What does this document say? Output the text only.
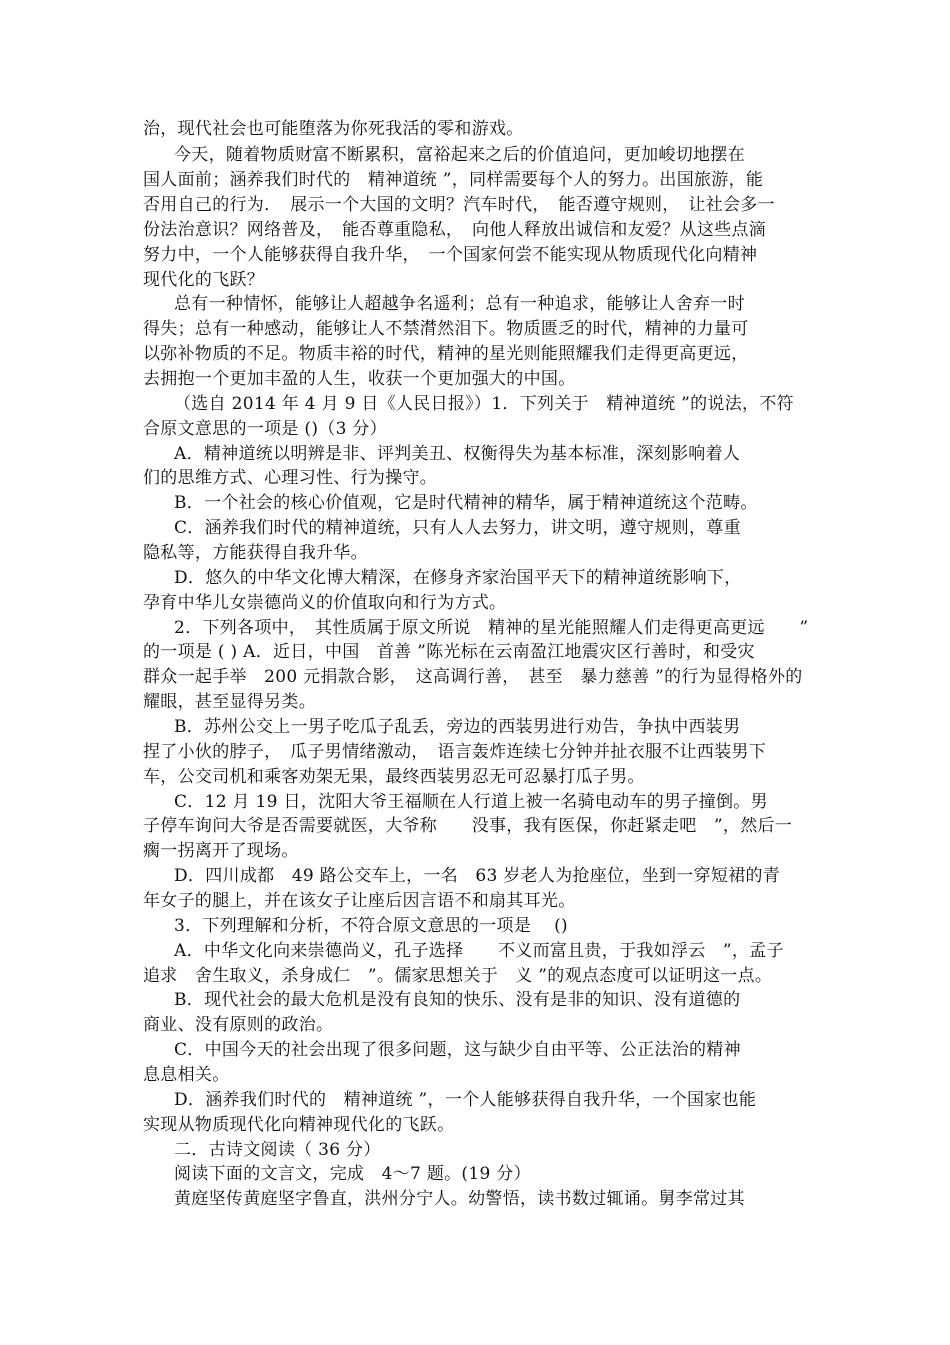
治，现代社会也可能堕落为你死我活的零和游戏。
今天，随着物质财富不断累积，富裕起来之后的价值追问，更加峻切地摆在
国人面前；涵养我们时代的　精神道统 ”，同样需要每个人的努力。出国旅游，能
否用自己的行为．　展示一个大国的文明？汽车时代，　能否遵守规则，　让社会多一
份法治意识？网络普及，　能否尊重隐私，　向他人释放出诚信和友爱？从这些点滴
努力中，一个人能够获得自我升华，　一个国家何尝不能实现从物质现代化向精神
现代化的飞跃？
总有一种情怀，能够让人超越争名遥利；总有一种追求，能够让人舍弃一时
得失；总有一种感动，能够让人不禁潸然泪下。物质匮乏的时代，精神的力量可
以弥补物质的不足。物质丰裕的时代，精神的星光则能照耀我们走得更高更远，
去拥抱一个更加丰盈的人生，收获一个更加强大的中国。
（选自 2014 年 4 月 9 日《人民日报》）1．下列关于　精神道统 ”的说法，不符
合原文意思的一项是 ()（3 分）
A．精神道统以明辨是非、评判美丑、权衡得失为基本标准，深刻影响着人
们的思维方式、心理习性、行为操守。
B．一个社会的核心价值观，它是时代精神的精华，属于精神道统这个范畴。
C．涵养我们时代的精神道统，只有人人去努力，讲文明，遵守规则，尊重
隐私等，方能获得自我升华。
D．悠久的中华文化博大精深，在修身齐家治国平天下的精神道统影响下，
孕育中华儿女崇德尚义的价值取向和行为方式。
2．下列各项中，　其性质属于原文所说　精神的星光能照耀人们走得更高更远　　”
的一项是 ( ) A．近日，中国　首善 ”陈光标在云南盈江地震灾区行善时，和受灾
群众一起手举　200 元捐款合影，　这高调行善，　甚至　暴力慈善 ”的行为显得格外的
耀眼，甚至显得另类。
B．苏州公交上一男子吃瓜子乱丢，旁边的西装男进行劝告，争执中西装男
捏了小伙的脖子，　瓜子男情绪激动，　语言轰炸连续七分钟并扯衣服不让西装男下
车，公交司机和乘客劝架无果，最终西装男忍无可忍暴打瓜子男。
C．12 月 19 日，沈阳大爷王福顺在人行道上被一名骑电动车的男子撞倒。男
子停车询问大爷是否需要就医，大爷称　　没事，我有医保，你赶紧走吧　”，然后一
瘸一拐离开了现场。
D．四川成都　49 路公交车上，一名　63 岁老人为抢座位，坐到一穿短裙的青
年女子的腿上，并在该女子让座后因言语不和扇其耳光。
3．下列理解和分析，不符合原文意思的一项是　 ()
A．中华文化向来崇德尚义，孔子选择　　不义而富且贵，于我如浮云　”，孟子
追求　舍生取义，杀身成仁　”。儒家思想关于　义 ”的观点态度可以证明这一点。
B．现代社会的最大危机是没有良知的快乐、没有是非的知识、没有道德的
商业、没有原则的政治。
C．中国今天的社会出现了很多问题，这与缺少自由平等、公正法治的精神
息息相关。
D．涵养我们时代的　精神道统 ”，一个人能够获得自我升华，一个国家也能
实现从物质现代化向精神现代化的飞跃。
二．古诗文阅读（ 36 分）
阅读下面的文言文，完成　4～7 题。(19 分）
黄庭坚传黄庭坚字鲁直，洪州分宁人。幼警悟，读书数过辄诵。舅李常过其
